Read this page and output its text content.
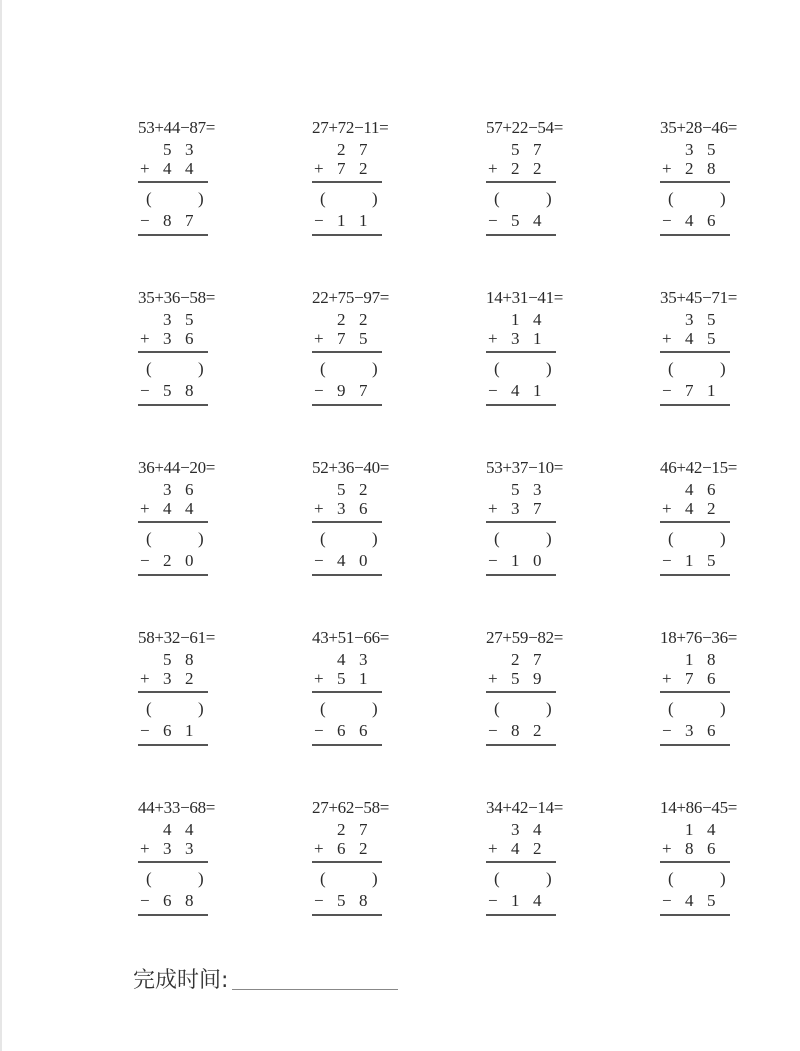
53+44−87=
5 3
+ 4 4
(	)
− 8 7
27+72−11=
2 7
+ 7 2
(	)
− 1 1
57+22−54=
5 7
+ 2 2
(	)
− 5 4
35+28−46=
3 5
+ 2 8
(	)
− 4 6
35+36−58=
3 5
+ 3 6
(	)
− 5 8
22+75−97=
2 2
+ 7 5
(	)
− 9 7
14+31−41=
1 4
+ 3 1
(	)
− 4 1
35+45−71=
3 5
+ 4 5
(	)
− 7 1
36+44−20=
3 6
+ 4 4
(	)
− 2 0
52+36−40=
5 2
+ 3 6
(	)
− 4 0
53+37−10=
5 3
+ 3 7
(	)
− 1 0
46+42−15=
4 6
+ 4 2
(	)
− 1 5
58+32−61=
5 8
+ 3 2
(	)
− 6 1
43+51−66=
4 3
+ 5 1
(	)
− 6 6
27+59−82=
2 7
+ 5 9
(	)
− 8 2
18+76−36=
1 8
+ 7 6
(	)
− 3 6
44+33−68=
4 4
+ 3 3
(	)
− 6 8
27+62−58=
2 7
+ 6 2
(	)
− 5 8
34+42−14=
3 4
+ 4 2
(	)
− 1 4
14+86−45=
1 4
+ 8 6
(	)
− 4 5
完成时间:
